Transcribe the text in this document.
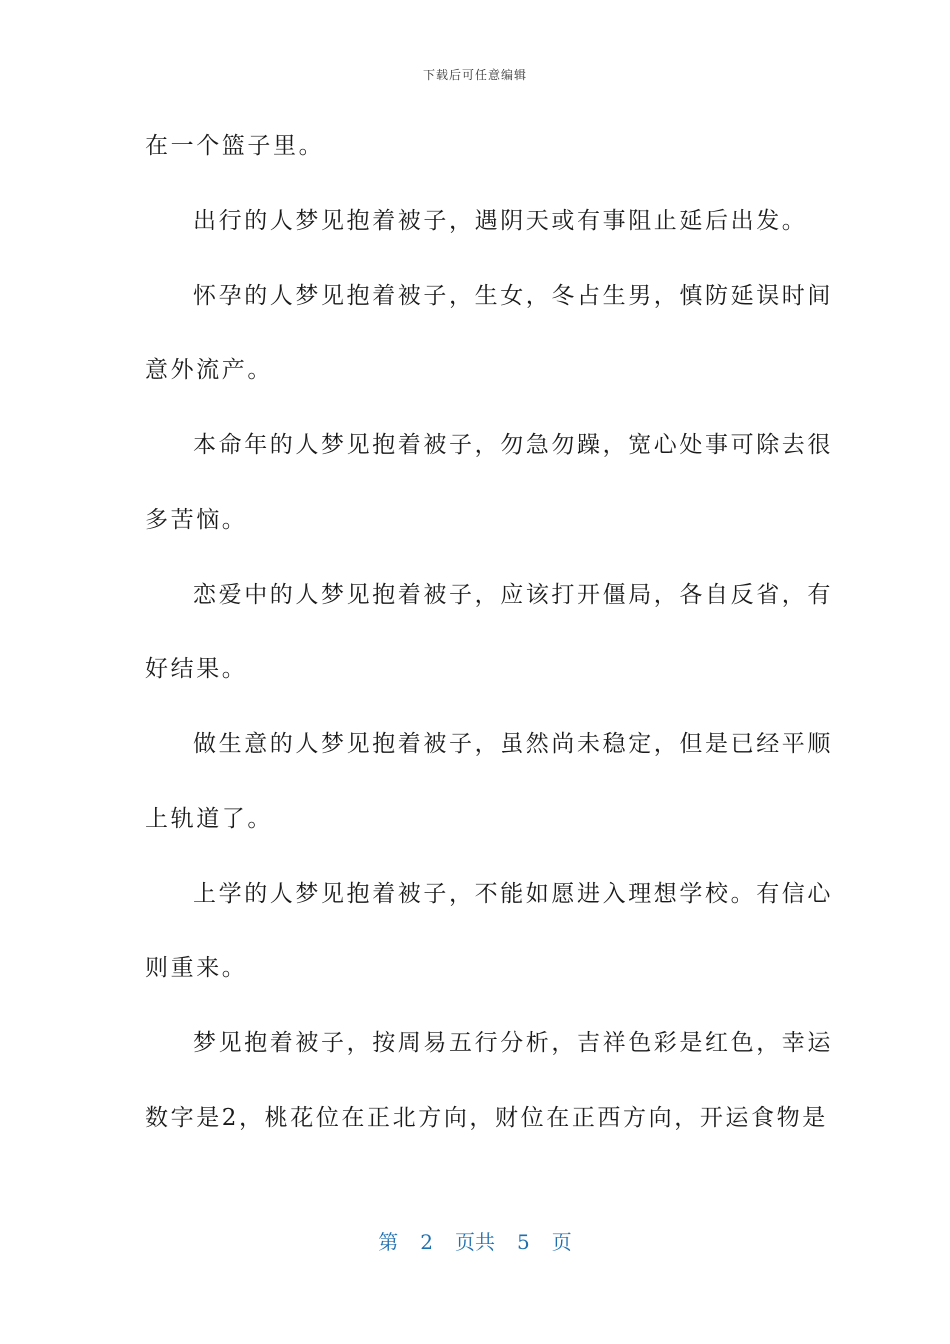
下载后可任意编辑
在一个篮子里。
出行的人梦见抱着被子，遇阴天或有事阻止延后出发。
怀孕的人梦见抱着被子，生女，冬占生男，慎防延误时间
意外流产。
本命年的人梦见抱着被子，勿急勿躁，宽心处事可除去很
多苦恼。
恋爱中的人梦见抱着被子，应该打开僵局，各自反省，有
好结果。
做生意的人梦见抱着被子，虽然尚未稳定，但是已经平顺
上轨道了。
上学的人梦见抱着被子，不能如愿进入理想学校。有信心
则重来。
梦见抱着被子，按周易五行分析，吉祥色彩是红色，幸运
数字是2，桃花位在正北方向，财位在正西方向，开运食物是
第 2 页共 5 页
